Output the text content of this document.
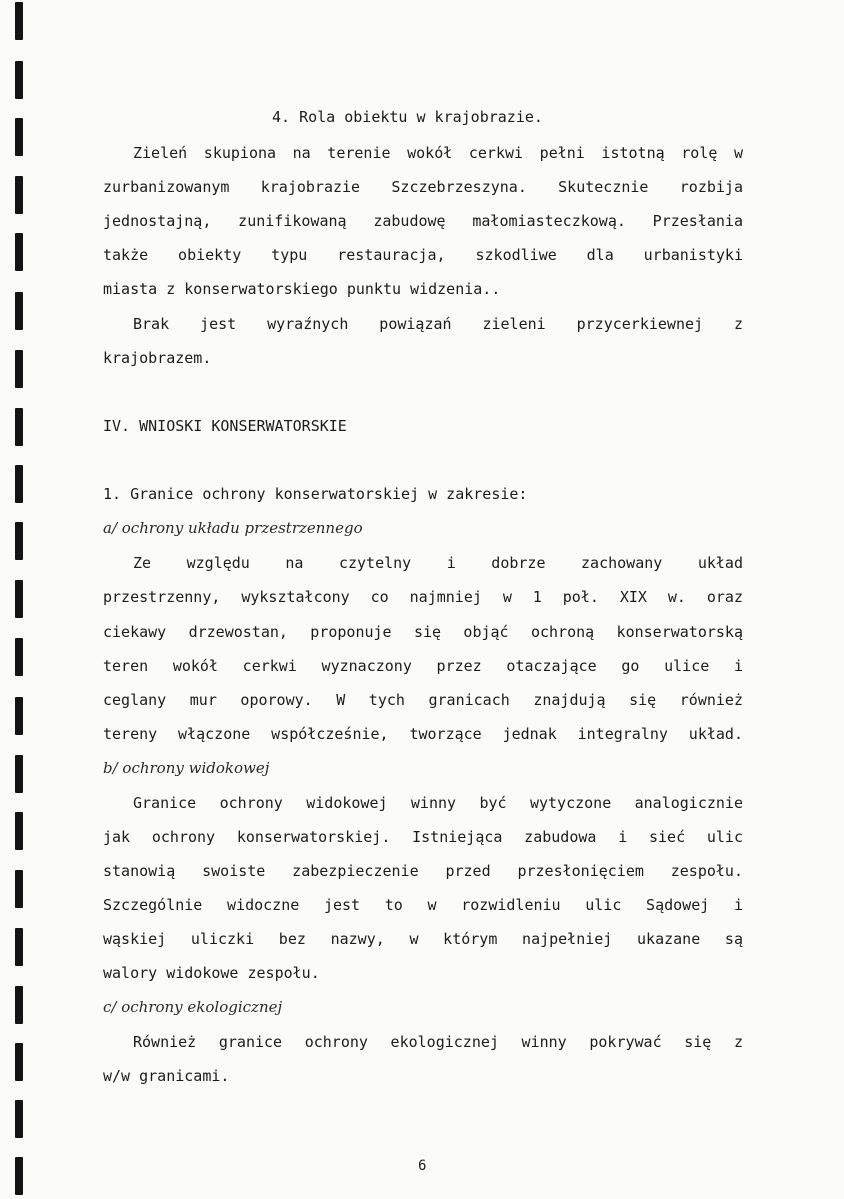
4. Rola obiektu w krajobrazie.
Zieleń skupiona na terenie wokół cerkwi pełni istotną rolę w
zurbanizowanym krajobrazie Szczebrzeszyna. Skutecznie rozbija
jednostajną, zunifikowaną zabudowę małomiasteczkową. Przesłania
także obiekty typu restauracja, szkodliwe dla urbanistyki
miasta z konserwatorskiego punktu widzenia..
Brak jest wyraźnych powiązań zieleni przycerkiewnej z
krajobrazem.
IV. WNIOSKI KONSERWATORSKIE
1. Granice ochrony konserwatorskiej w zakresie:
a/ ochrony układu przestrzennego
Ze względu na czytelny i dobrze zachowany układ
przestrzenny, wykształcony co najmniej w 1 poł. XIX w. oraz
ciekawy drzewostan, proponuje się objąć ochroną konserwatorską
teren wokół cerkwi wyznaczony przez otaczające go ulice i
ceglany mur oporowy. W tych granicach znajdują się również
tereny włączone współcześnie, tworzące jednak integralny układ.
b/ ochrony widokowej
Granice ochrony widokowej winny być wytyczone analogicznie
jak ochrony konserwatorskiej. Istniejąca zabudowa i sieć ulic
stanowią swoiste zabezpieczenie przed przesłonięciem zespołu.
Szczególnie widoczne jest to w rozwidleniu ulic Sądowej i
wąskiej uliczki bez nazwy, w którym najpełniej ukazane są
walory widokowe zespołu.
c/ ochrony ekologicznej
Również granice ochrony ekologicznej winny pokrywać się z
w/w granicami.
6
